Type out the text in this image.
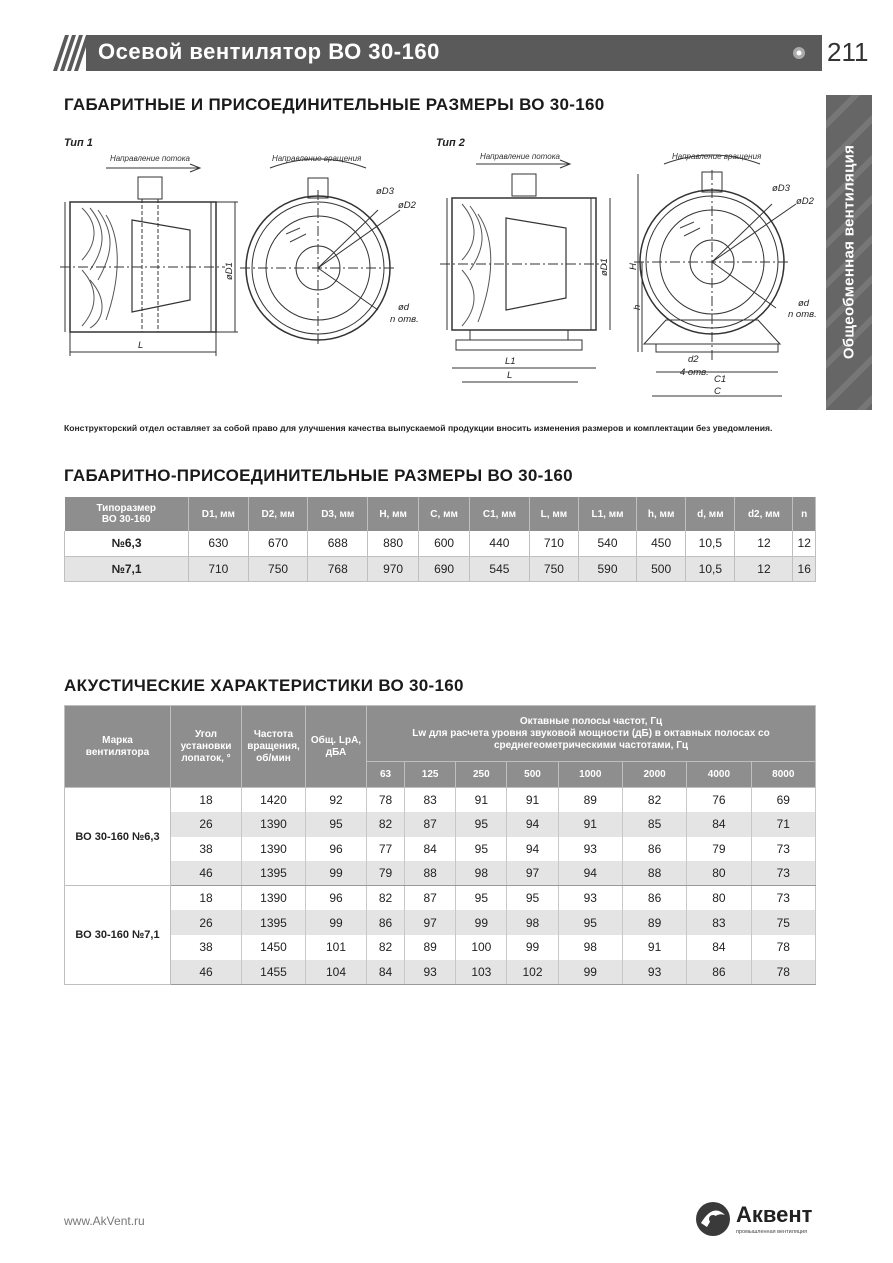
Осевой вентилятор ВО 30-160	211
Общеобменная вентиляция
ГАБАРИТНЫЕ И ПРИСОЕДИНИТЕЛЬНЫЕ РАЗМЕРЫ ВО 30-160
Тип 1	Тип 2
Направление потока	Направление вращения	Направление потока	Направление вращения
øD1
øD3
øD2
ød
n отв.
L
øD1
L1
L
H
h
øD3
øD2
ød
n отв.
d2
4 отв.
C1
C
Конструкторский отдел оставляет за собой право для улучшения качества выпускаемой продукции вносить изменения размеров и комплектации без уведомления.
ГАБАРИТНО-ПРИСОЕДИНИТЕЛЬНЫЕ РАЗМЕРЫ ВО 30-160
Типоразмер
ВО 30-160	D1, мм	D2, мм	D3, мм	H, мм	C, мм	C1, мм	L, мм	L1, мм	h, мм	d, мм	d2, мм	n
№6,3	630	670	688	880	600	440	710	540	450	10,5	12	12
№7,1	710	750	768	970	690	545	750	590	500	10,5	12	16
АКУСТИЧЕСКИЕ ХАРАКТЕРИСТИКИ ВО 30-160
Марка
вентилятора	Угол
установки
лопаток, °	Частота
вращения,
об/мин	Общ. LpA,
дБА	Октавные полосы частот, Гц
Lw для расчета уровня звуковой мощности (дБ) в октавных полосах со
среднегеометрическими частотами, Гц							
				63	125	250	500	1000	2000	4000	8000
ВО 30-160 №6,3	18	1420	92	78	83	91	91	89	82	76	69
	26	1390	95	82	87	95	94	91	85	84	71
	38	1390	96	77	84	95	94	93	86	79	73
	46	1395	99	79	88	98	97	94	88	80	73
ВО 30-160 №7,1	18	1390	96	82	87	95	95	93	86	80	73
	26	1395	99	86	97	99	98	95	89	83	75
	38	1450	101	82	89	100	99	98	91	84	78
	46	1455	104	84	93	103	102	99	93	86	78
www.AkVent.ru	Аквент
промышленная вентиляция
